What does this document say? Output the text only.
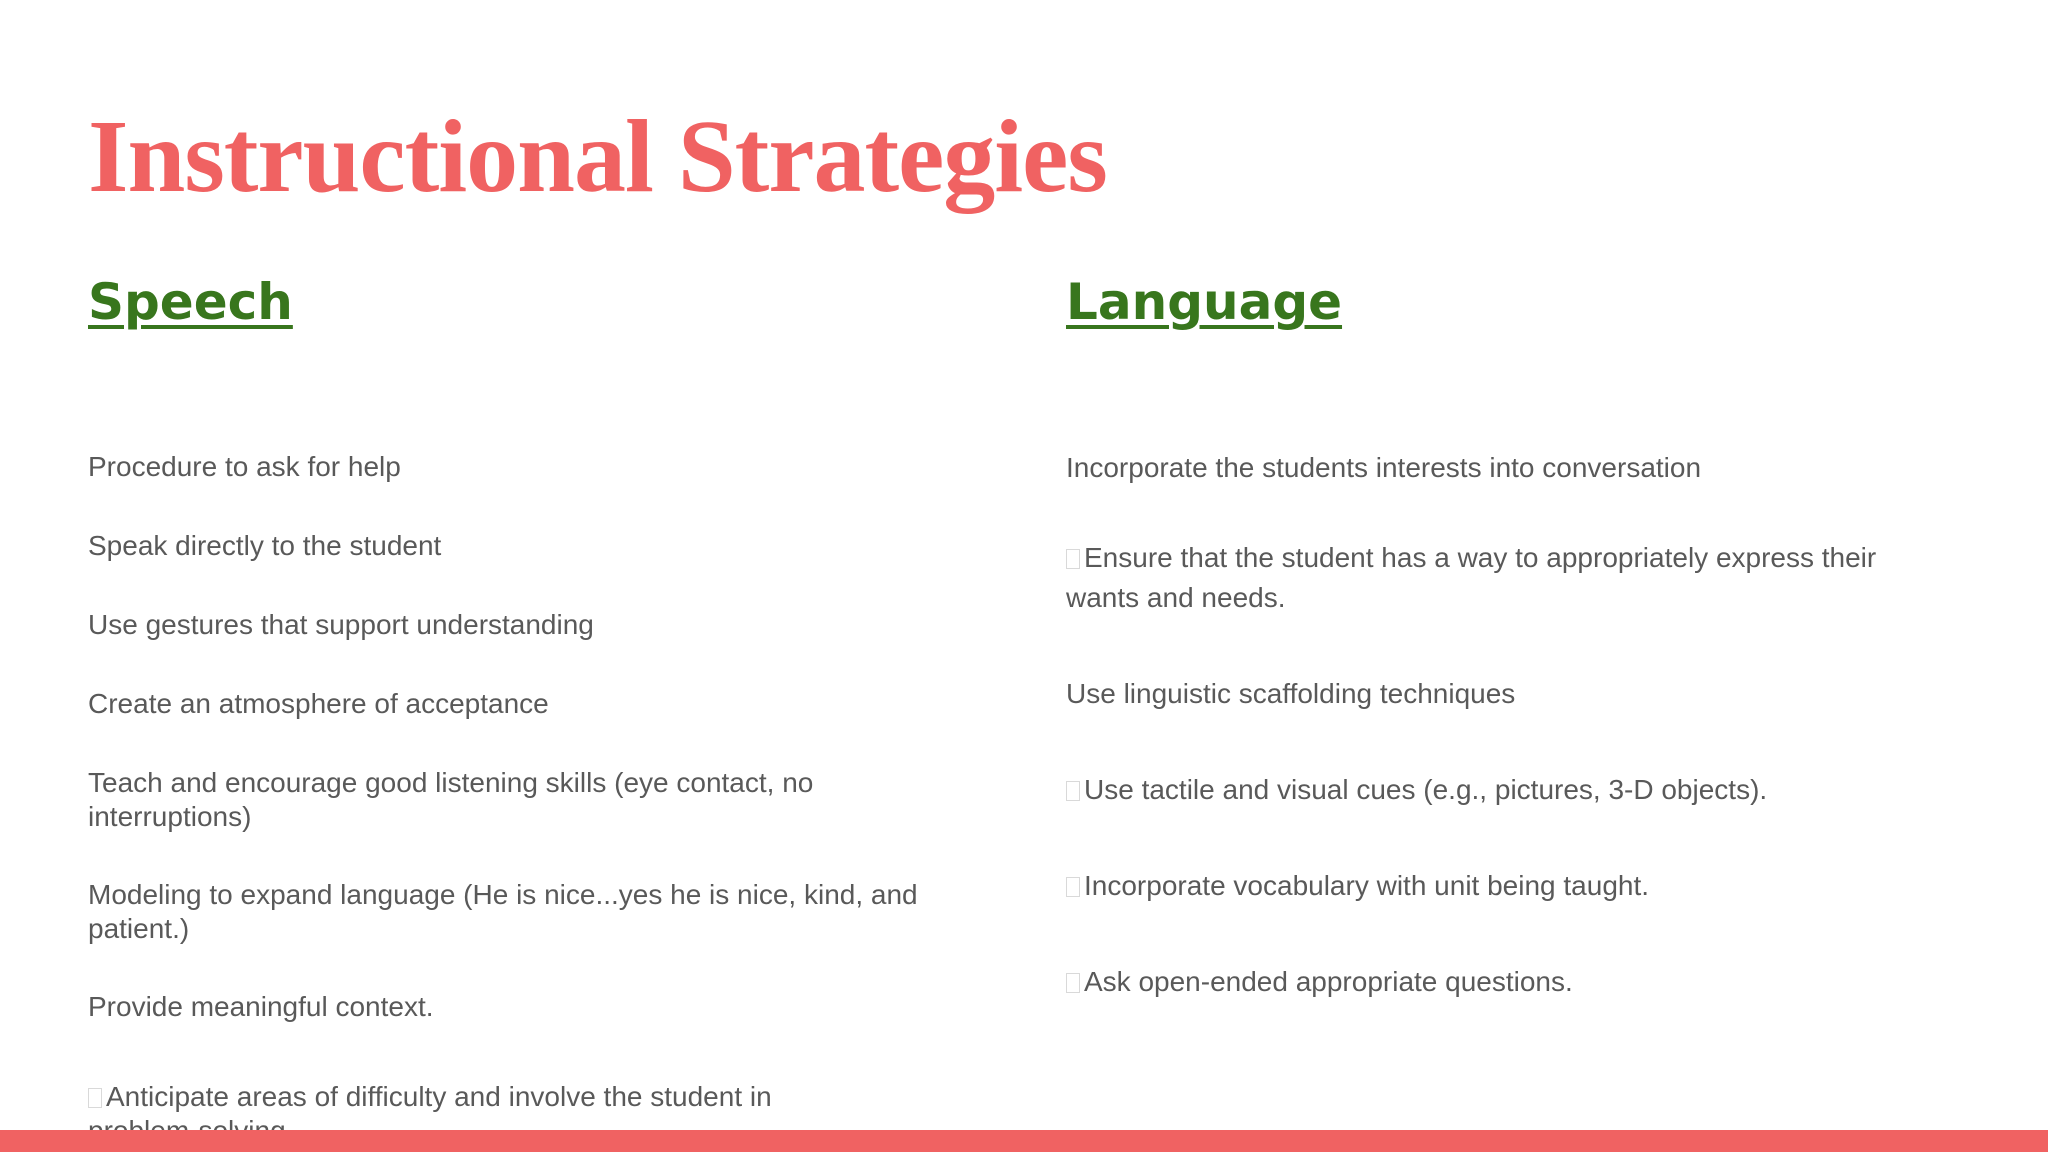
Instructional Strategies
Speech
Procedure to ask for help
Speak directly to the student
Use gestures that support understanding
Create an atmosphere of acceptance
Teach and encourage good listening skills (eye contact, no interruptions)
Modeling to expand language (He is nice...yes he is nice, kind, and patient.)
Provide meaningful context.
Anticipate areas of difficulty and involve the student in
Language
Incorporate the students interests into conversation
Ensure that the student has a way to appropriately express their wants and needs.
Use linguistic scaffolding techniques
Use tactile and visual cues (e.g., pictures, 3-D objects).
Incorporate vocabulary with unit being taught.
Ask open-ended appropriate questions.
